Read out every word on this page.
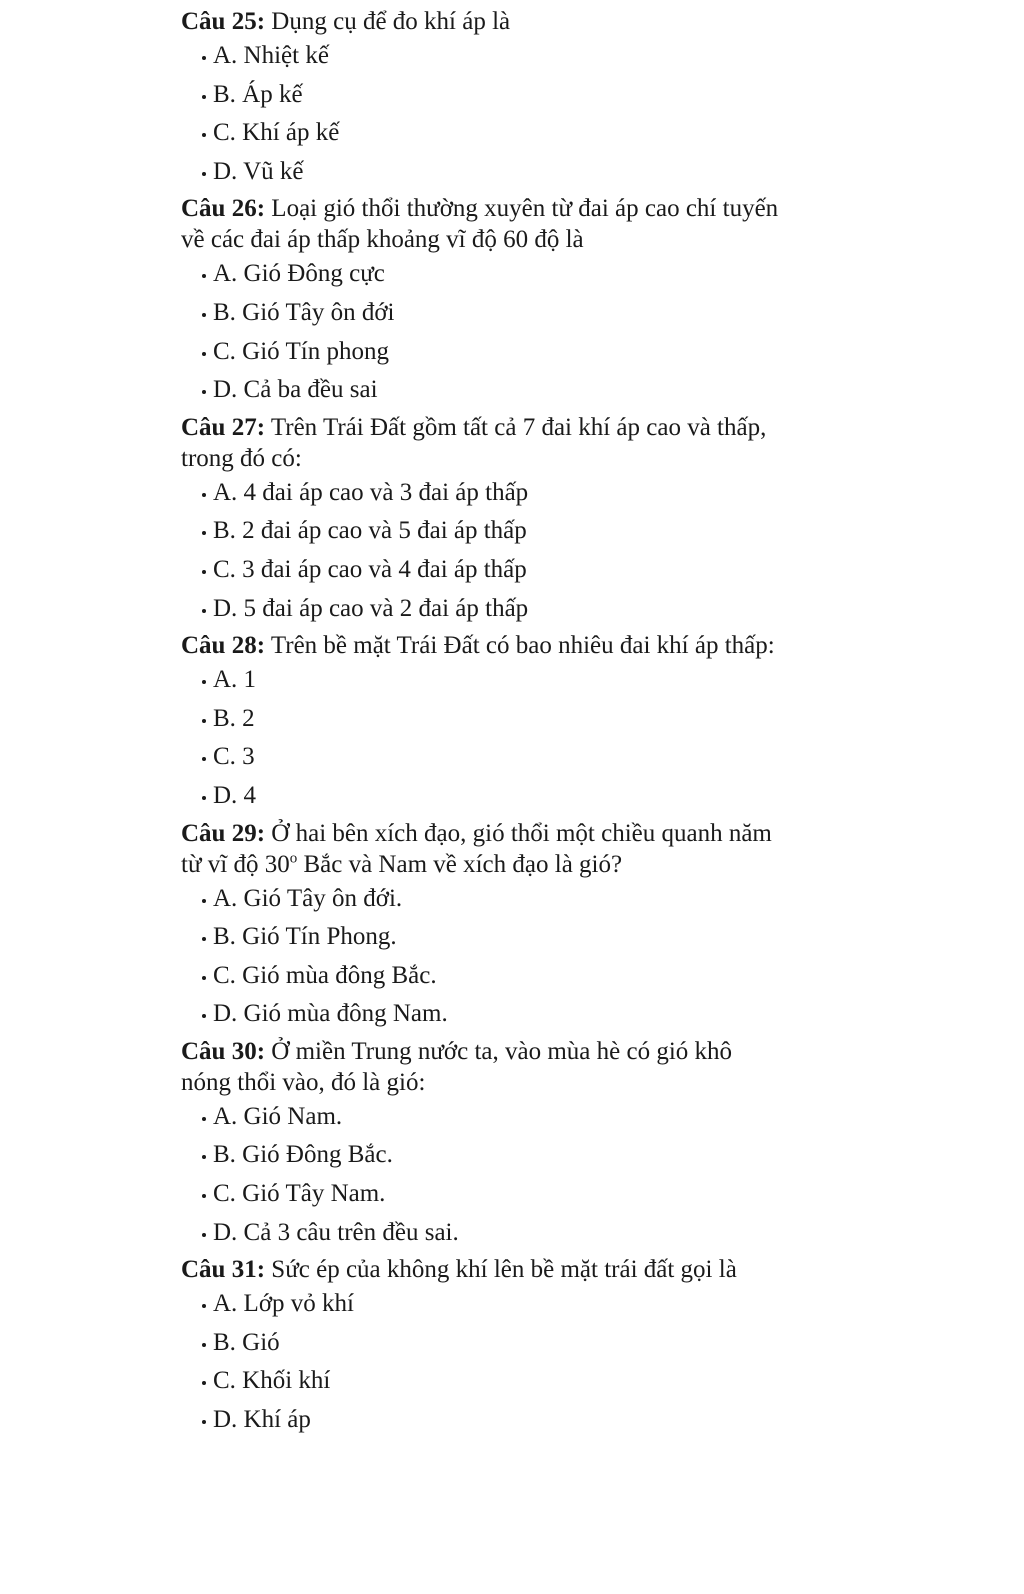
Câu 25: Dụng cụ để đo khí áp là

A. Nhiệt kế
B. Áp kế
C. Khí áp kế
D. Vũ kế

Câu 26: Loại gió thổi thường xuyên từ đai áp cao chí tuyến về các đai áp thấp khoảng vĩ độ 60 độ là

A. Gió Đông cực
B. Gió Tây ôn đới
C. Gió Tín phong
D. Cả ba đều sai

Câu 27: Trên Trái Đất gồm tất cả 7 đai khí áp cao và thấp, trong đó có:

A. 4 đai áp cao và 3 đai áp thấp
B. 2 đai áp cao và 5 đai áp thấp
C. 3 đai áp cao và 4 đai áp thấp
D. 5 đai áp cao và 2 đai áp thấp

Câu 28: Trên bề mặt Trái Đất có bao nhiêu đai khí áp thấp:

A. 1
B. 2
C. 3
D. 4

Câu 29: Ở hai bên xích đạo, gió thổi một chiều quanh năm từ vĩ độ 30$^o$ Bắc và Nam về xích đạo là gió?

A. Gió Tây ôn đới.
B. Gió Tín Phong.
C. Gió mùa đông Bắc.
D. Gió mùa đông Nam.

Câu 30: Ở miền Trung nước ta, vào mùa hè có gió khô nóng thổi vào, đó là gió:

A. Gió Nam.
B. Gió Đông Bắc.
C. Gió Tây Nam.
D. Cả 3 câu trên đều sai.

Câu 31: Sức ép của không khí lên bề mặt trái đất gọi là

A. Lớp vỏ khí
B. Gió
C. Khối khí
D. Khí áp
